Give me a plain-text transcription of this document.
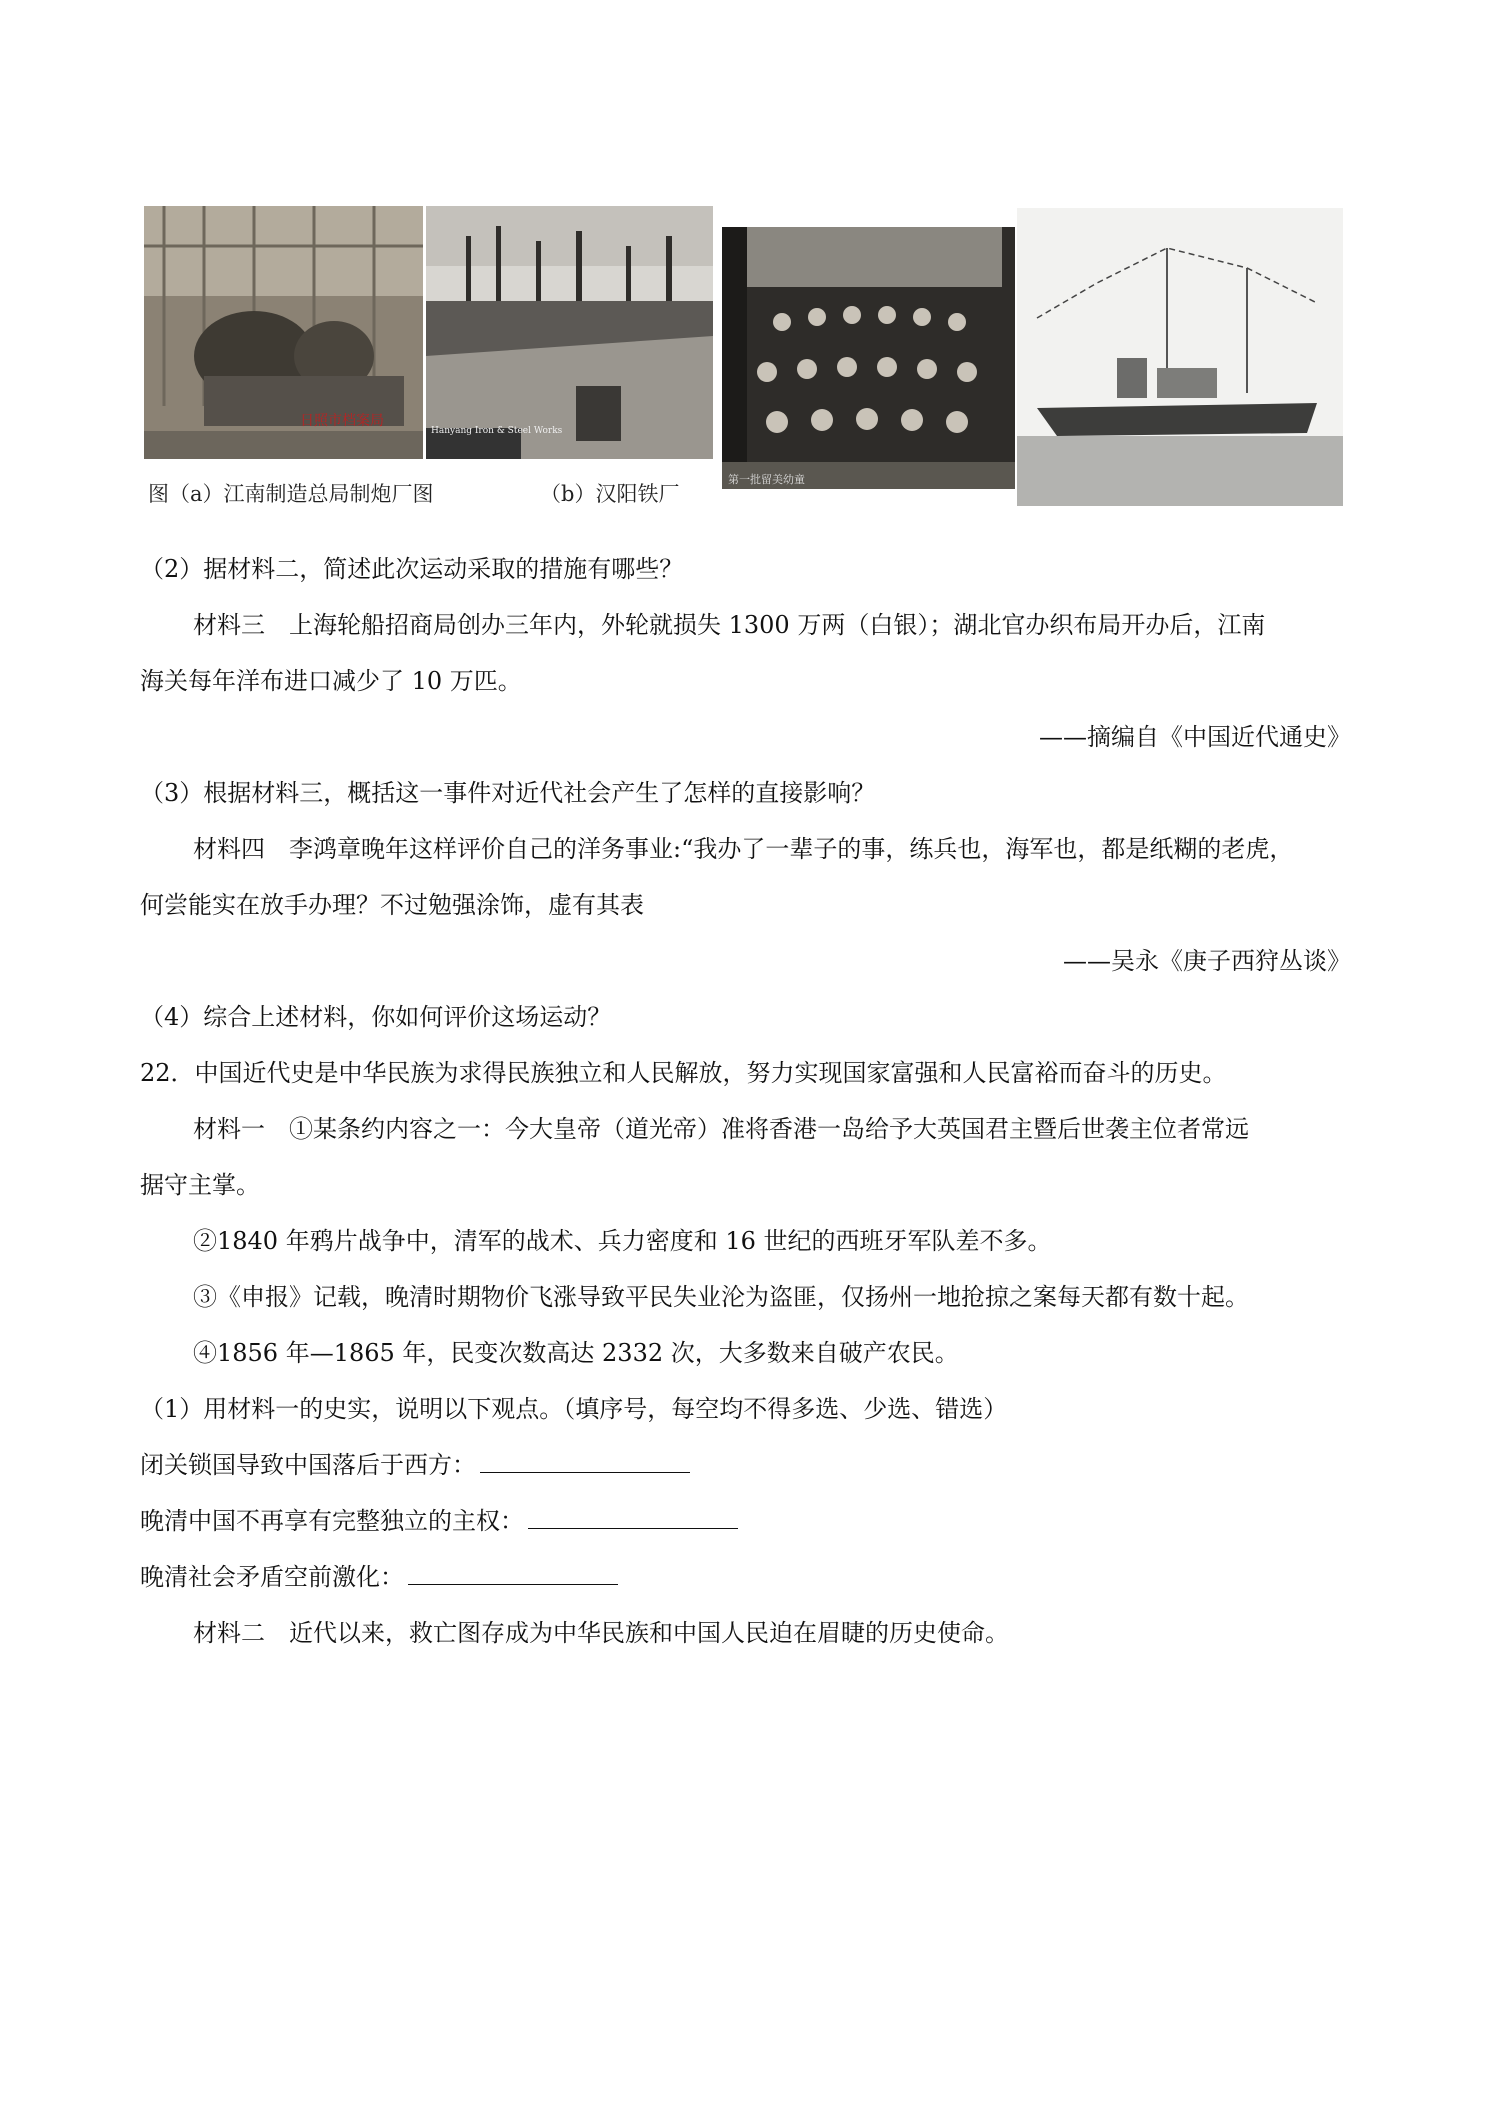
日照市档案局
Hanyang Iron & Steel Works
第一批留美幼童
图（a）江南制造总局制炮厂图	（b）汉阳铁厂
（2）据材料二，简述此次运动采取的措施有哪些？
材料三　上海轮船招商局创办三年内，外轮就损失 1300 万两（白银）；湖北官办织布局开办后，江南
海关每年洋布进口减少了 10 万匹。
——摘编自《中国近代通史》
（3）根据材料三，概括这一事件对近代社会产生了怎样的直接影响？
材料四　李鸿章晚年这样评价自己的洋务事业:“我办了一辈子的事，练兵也，海军也，都是纸糊的老虎，
何尝能实在放手办理？不过勉强涂饰，虚有其表
——吴永《庚子西狩丛谈》
（4）综合上述材料，你如何评价这场运动？
22．中国近代史是中华民族为求得民族独立和人民解放，努力实现国家富强和人民富裕而奋斗的历史。
材料一　①某条约内容之一：今大皇帝（道光帝）准将香港一岛给予大英国君主暨后世袭主位者常远
据守主掌。
②1840 年鸦片战争中，清军的战术、兵力密度和 16 世纪的西班牙军队差不多。
③《申报》记载，晚清时期物价飞涨导致平民失业沦为盗匪，仅扬州一地抢掠之案每天都有数十起。
④1856 年—1865 年，民变次数高达 2332 次，大多数来自破产农民。
（1）用材料一的史实，说明以下观点。（填序号，每空均不得多选、少选、错选）
闭关锁国导致中国落后于西方：
晚清中国不再享有完整独立的主权：
晚清社会矛盾空前激化：
材料二　近代以来，救亡图存成为中华民族和中国人民迫在眉睫的历史使命。
